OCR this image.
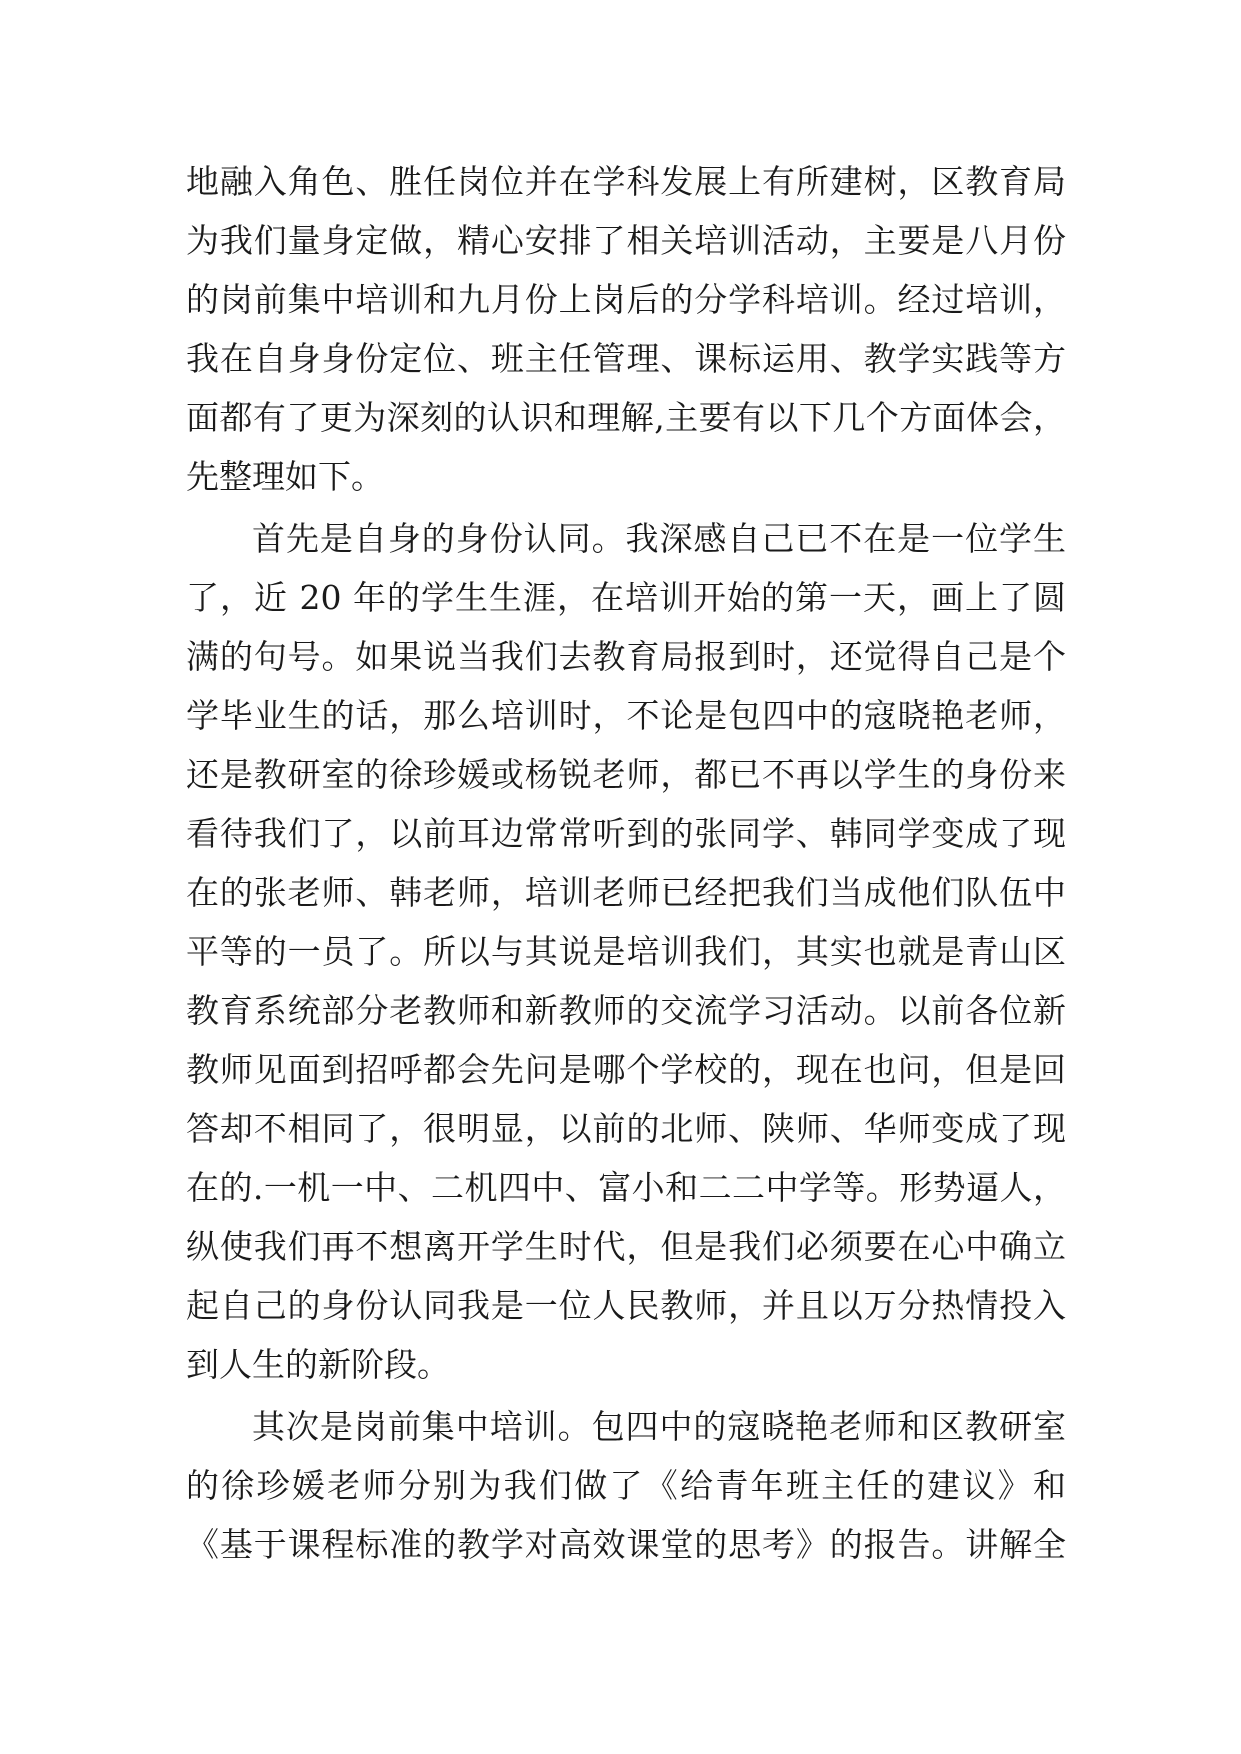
地融入角色、胜任岗位并在学科发展上有所建树，区教育局
为我们量身定做，精心安排了相关培训活动，主要是八月份
的岗前集中培训和九月份上岗后的分学科培训。经过培训，
我在自身身份定位、班主任管理、课标运用、教学实践等方
面都有了更为深刻的认识和理解,主要有以下几个方面体会，
先整理如下。
首先是自身的身份认同。我深感自己已不在是一位学生
了，近 20 年的学生生涯，在培训开始的第一天，画上了圆
满的句号。如果说当我们去教育局报到时，还觉得自己是个
学毕业生的话，那么培训时，不论是包四中的寇晓艳老师，
还是教研室的徐珍媛或杨锐老师，都已不再以学生的身份来
看待我们了，以前耳边常常听到的张同学、韩同学变成了现
在的张老师、韩老师，培训老师已经把我们当成他们队伍中
平等的一员了。所以与其说是培训我们，其实也就是青山区
教育系统部分老教师和新教师的交流学习活动。以前各位新
教师见面到招呼都会先问是哪个学校的，现在也问，但是回
答却不相同了，很明显，以前的北师、陕师、华师变成了现
在的.一机一中、二机四中、富小和二二中学等。形势逼人，
纵使我们再不想离开学生时代，但是我们必须要在心中确立
起自己的身份认同我是一位人民教师，并且以万分热情投入
到人生的新阶段。
其次是岗前集中培训。包四中的寇晓艳老师和区教研室
的徐珍媛老师分别为我们做了《给青年班主任的建议》和
《基于课程标准的教学对高效课堂的思考》的报告。讲解全
